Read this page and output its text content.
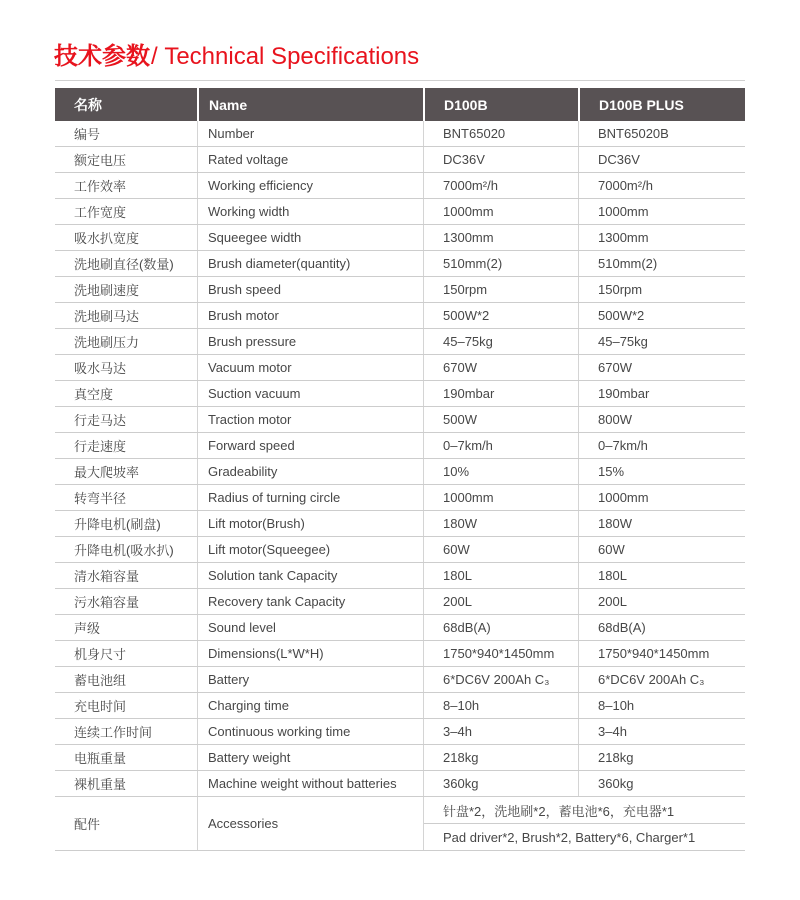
技术参数/ Technical Specifications
名称	Name	D100B	D100B PLUS
编号	Number	BNT65020	BNT65020B
额定电压	Rated voltage	DC36V	DC36V
工作效率	Working efficiency	7000m²/h	7000m²/h
工作宽度	Working width	1000mm	1000mm
吸水扒宽度	Squeegee width	1300mm	1300mm
洗地刷直径(数量)	Brush diameter(quantity)	510mm(2)	510mm(2)
洗地刷速度	Brush speed	150rpm	150rpm
洗地刷马达	Brush motor	500W*2	500W*2
洗地刷压力	Brush pressure	45–75kg	45–75kg
吸水马达	Vacuum motor	670W	670W
真空度	Suction vacuum	190mbar	190mbar
行走马达	Traction motor	500W	800W
行走速度	Forward speed	0–7km/h	0–7km/h
最大爬坡率	Gradeability	10%	15%
转弯半径	Radius of turning circle	1000mm	1000mm
升降电机(刷盘)	Lift motor(Brush)	180W	180W
升降电机(吸水扒)	Lift motor(Squeegee)	60W	60W
清水箱容量	Solution tank Capacity	180L	180L
污水箱容量	Recovery tank Capacity	200L	200L
声级	Sound level	68dB(A)	68dB(A)
机身尺寸	Dimensions(L*W*H)	1750*940*1450mm	1750*940*1450mm
蓄电池组	Battery	6*DC6V 200Ah C₃	6*DC6V 200Ah C₃
充电时间	Charging time	8–10h	8–10h
连续工作时间	Continuous working time	3–4h	3–4h
电瓶重量	Battery weight	218kg	218kg
裸机重量	Machine weight without batteries	360kg	360kg
配件	Accessories
针盘*2，洗地刷*2，蓄电池*6，充电器*1
Pad driver*2, Brush*2, Battery*6, Charger*1
